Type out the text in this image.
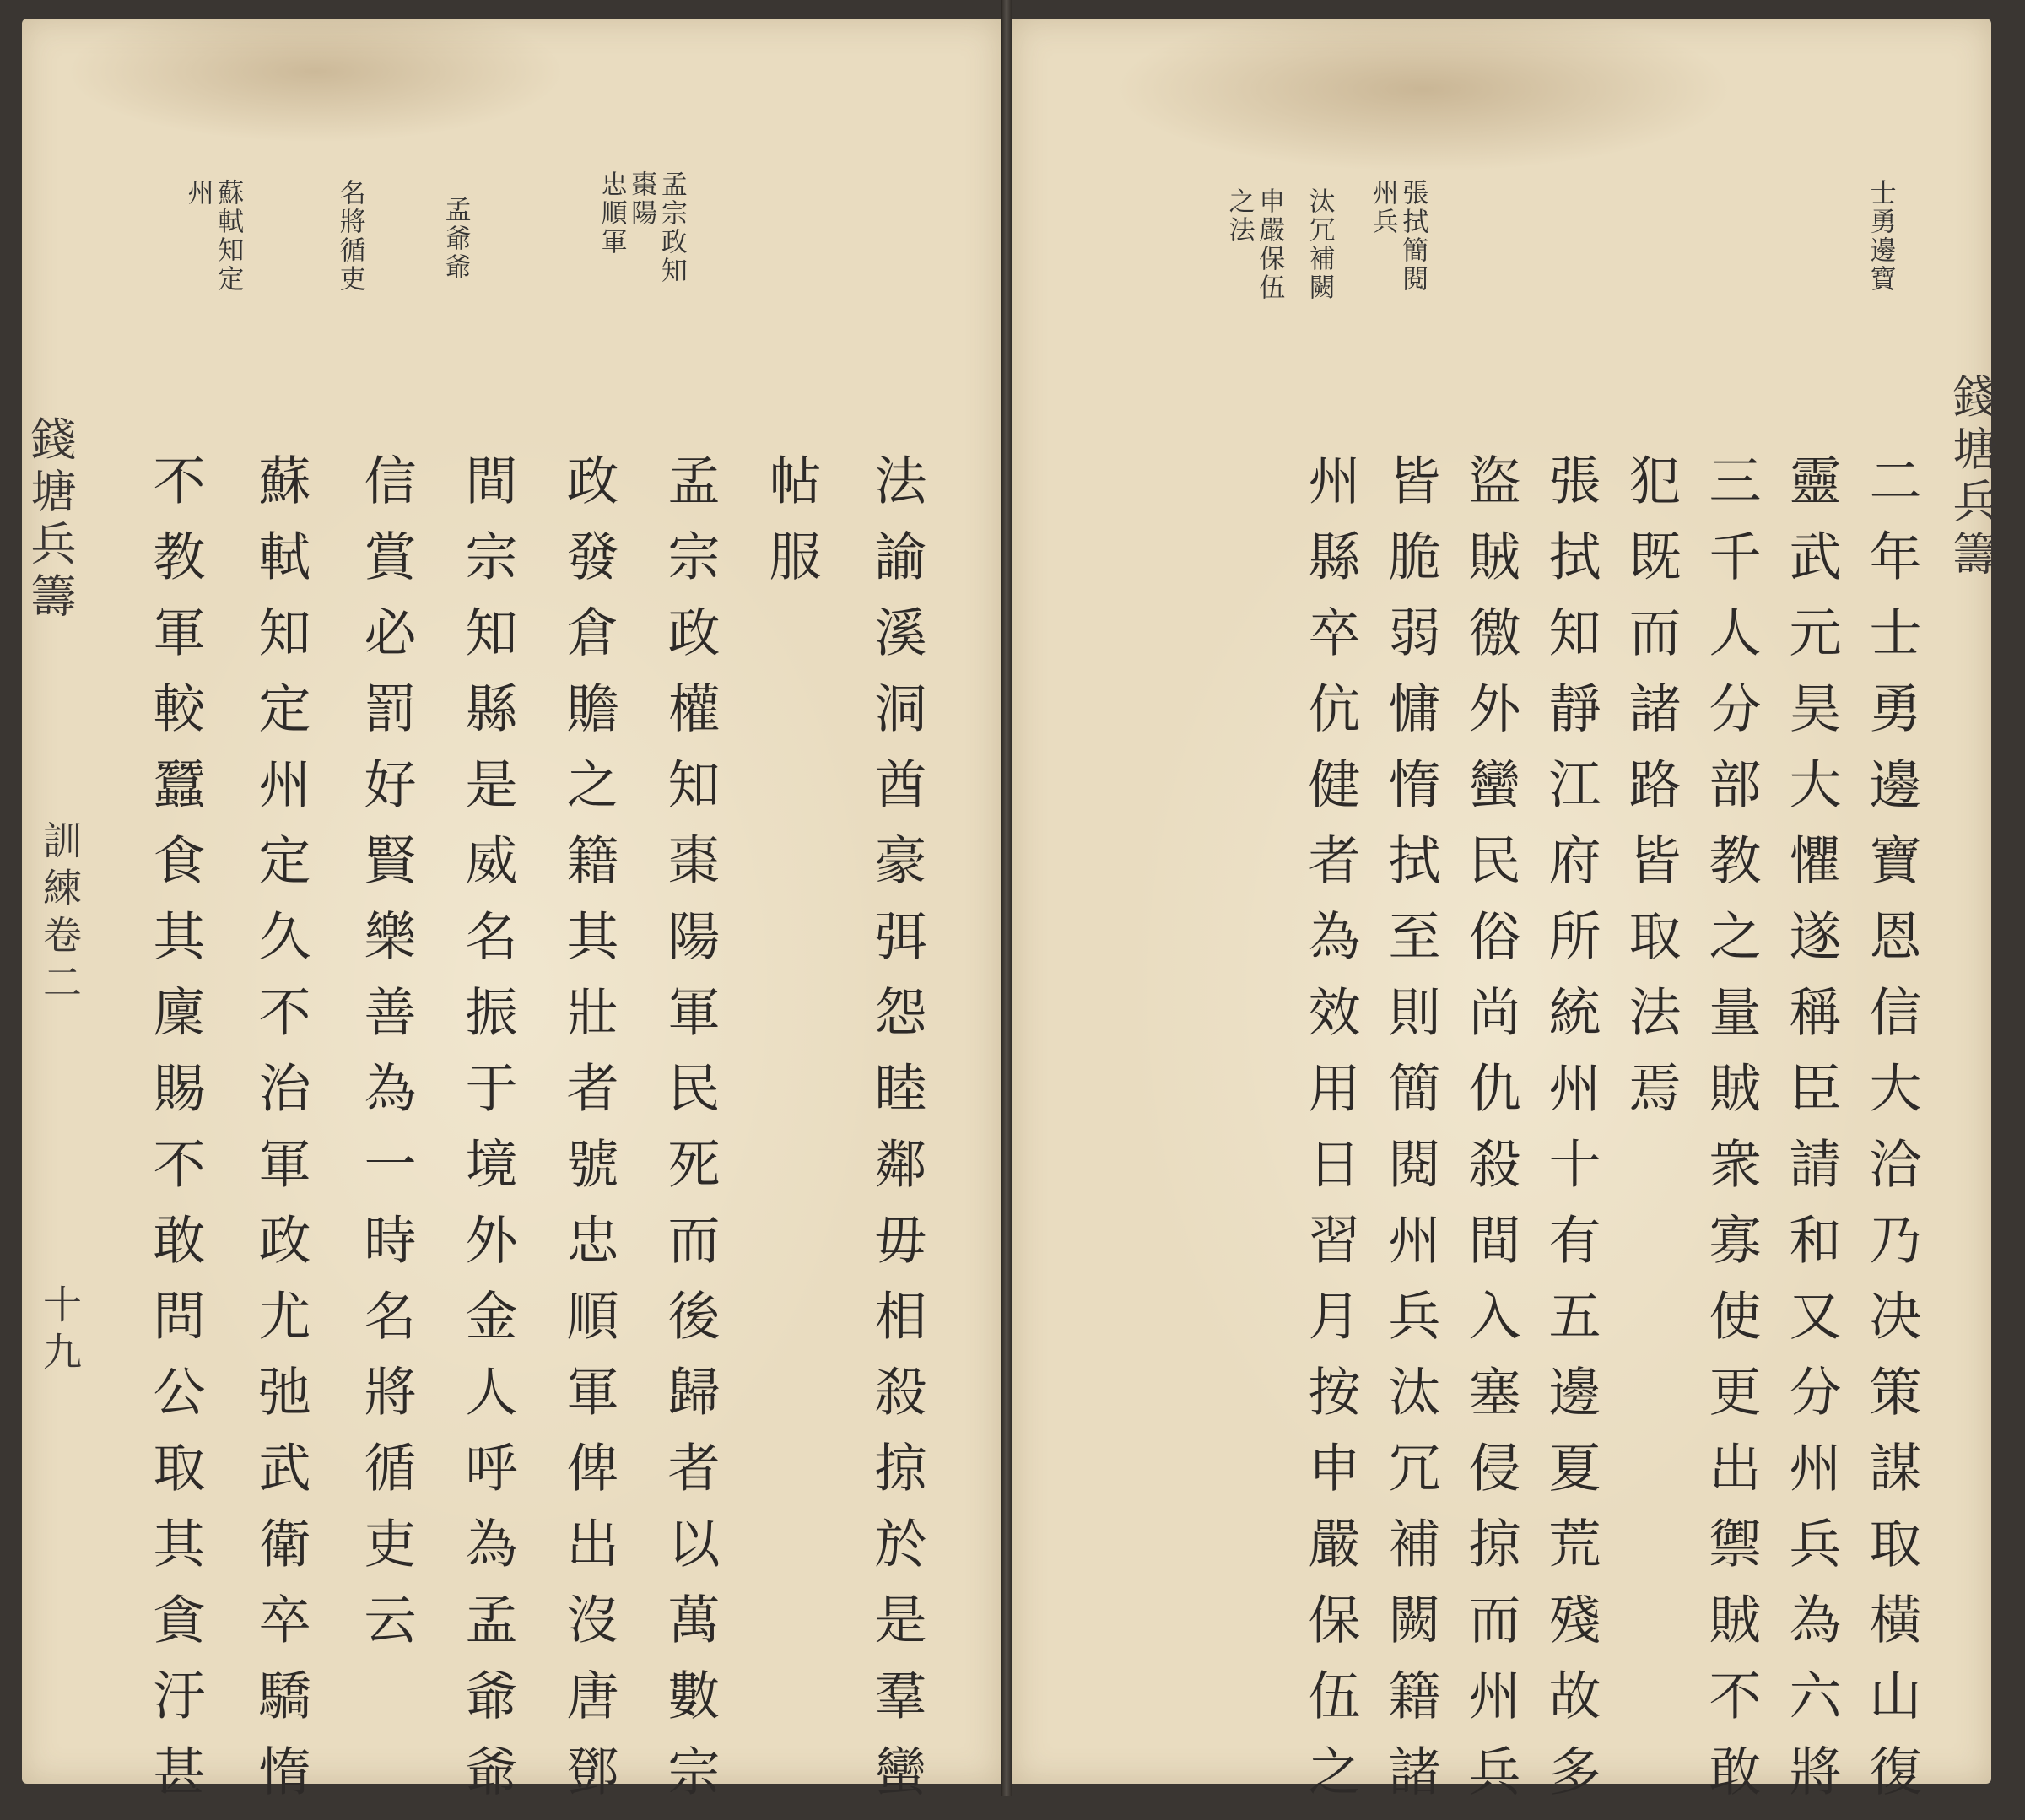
錢塘兵籌
士勇邊寶
張拭簡閱
州兵
汰冗補闕
申嚴保伍
之法
二年士勇邊寶恩信大洽乃决策謀取橫山復
靈武元昊大懼遂稱臣請和又分州兵為六將
三千人分部教之量賊衆寡使更出禦賊不敢
犯既而諸路皆取法焉
張拭知靜江府所統州十有五邊夏荒殘故多
盜賊徼外蠻民俗尚仇殺間入塞侵掠而州兵
皆脆弱慵惰拭至則簡閱州兵汰冗補闕籍諸
州縣卒伉健者為效用日習月按申嚴保伍之
錢塘兵籌
訓練卷二
十九
孟宗政知
棗陽
忠順軍
孟爺爺
名將循吏
蘇軾知定
州
法諭溪洞酋豪弭怨睦鄰毋相殺掠於是羣蠻
帖服
孟宗政權知棗陽軍民死而後歸者以萬數宗
政發倉贍之籍其壯者號忠順軍俾出沒唐鄧
間宗知縣是威名振于境外金人呼為孟爺爺
信賞必罰好賢樂善為一時名將循吏云
蘇軾知定州定久不治軍政尤弛武衛卒驕惰
不教軍較蠶食其廩賜不敢問公取其貪汙甚
